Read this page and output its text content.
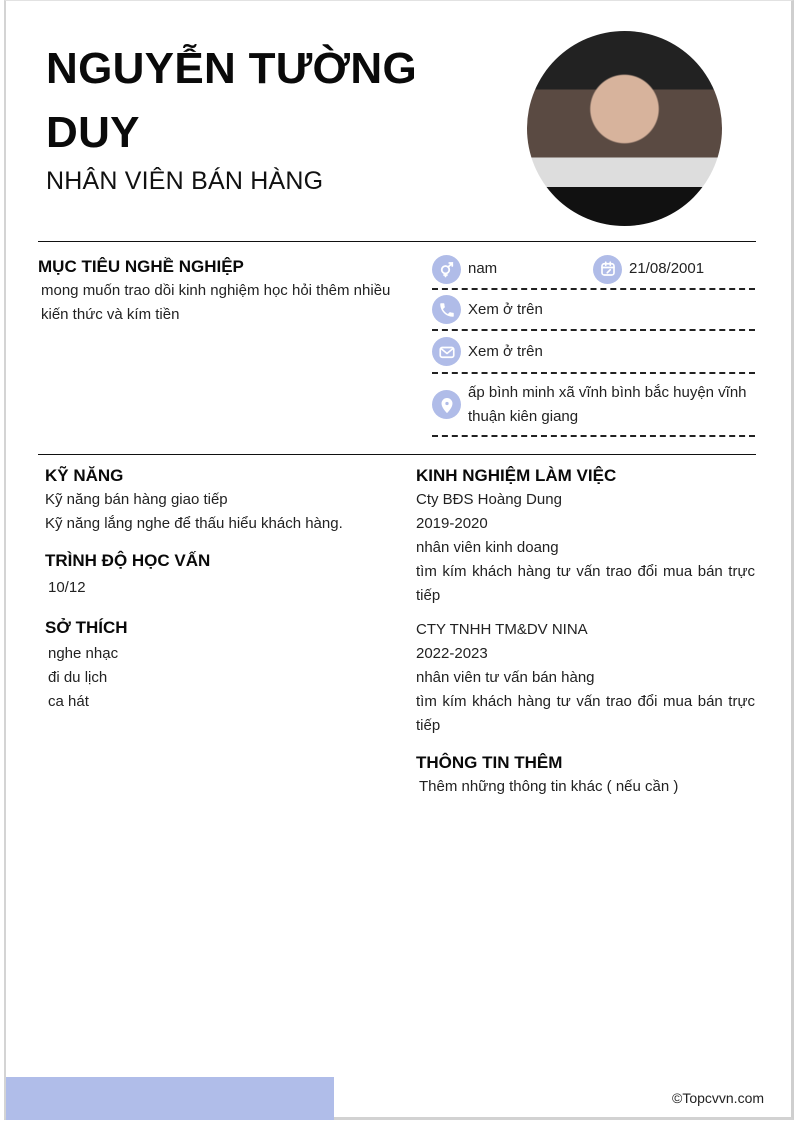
NGUYỄN TƯỜNG DUY
NHÂN VIÊN BÁN HÀNG
MỤC TIÊU NGHỀ NGHIỆP
mong muốn trao dồi kinh nghiệm học hỏi thêm nhiều kiến thức và kím tiền
nam	21/08/2001
Xem ở trên
Xem ở trên
ấp bình minh xã vĩnh bình bắc huyện vĩnh thuận kiên giang
KỸ NĂNG
Kỹ năng bán hàng giao tiếp
Kỹ năng lắng nghe để thấu hiểu khách hàng.
TRÌNH ĐỘ HỌC VẤN
10/12
SỞ THÍCH
nghe nhạc
đi du lịch
ca hát
KINH NGHIỆM LÀM VIỆC
Cty BĐS Hoàng Dung
2019-2020
nhân viên kinh doang
tìm kím khách hàng tư vấn trao đổi mua bán trực tiếp
CTY TNHH TM&DV NINA
2022-2023
nhân viên tư vấn bán hàng
tìm kím khách hàng tư vấn trao đổi mua bán trực tiếp
THÔNG TIN THÊM
Thêm những thông tin khác ( nếu cần )
©Topcvvn.com
